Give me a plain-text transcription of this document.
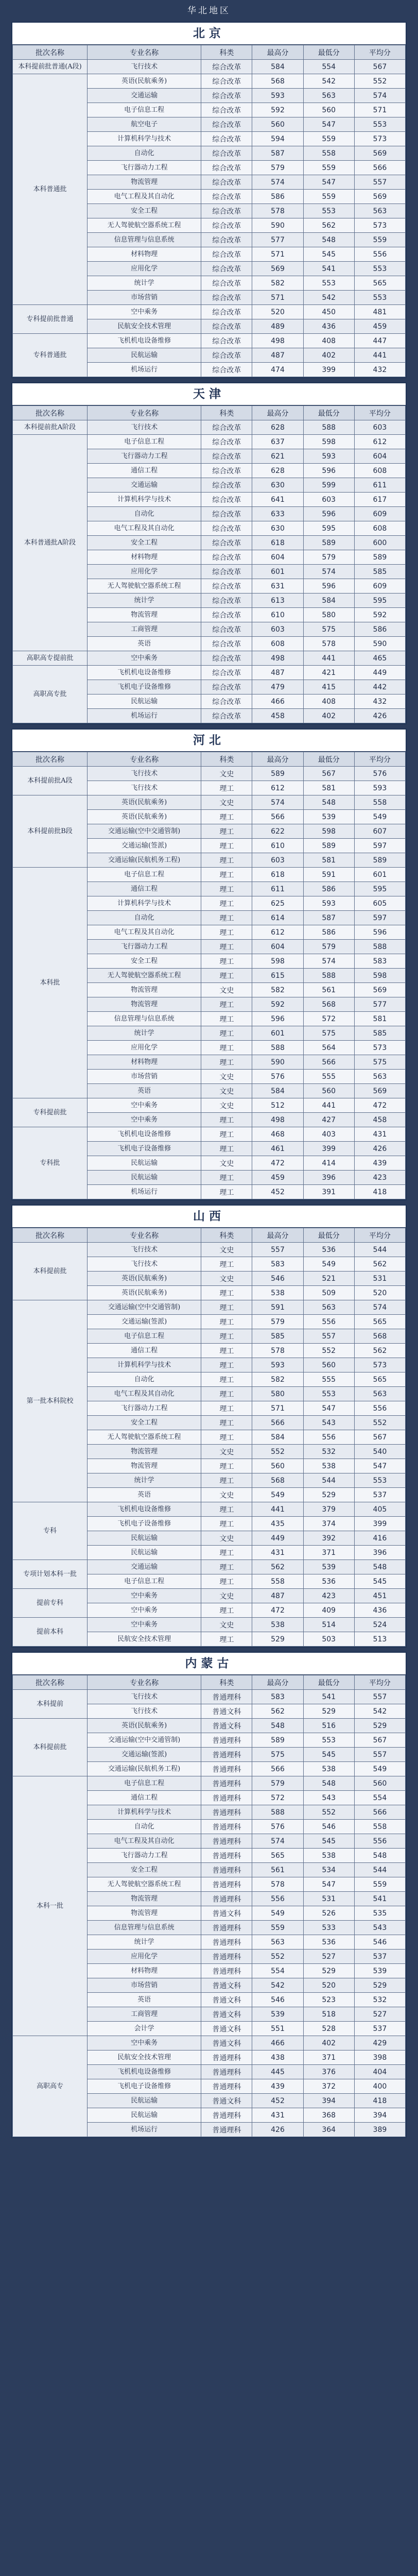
华北地区
北京
批次名称	专业名称	科类	最高分	最低分	平均分
本科提前批普通(A段)	飞行技术	综合改革	584	554	567
本科普通批	英语(民航乘务)	综合改革	568	542	552
	交通运输	综合改革	593	563	574
	电子信息工程	综合改革	592	560	571
	航空电子	综合改革	560	547	553
	计算机科学与技术	综合改革	594	559	573
	自动化	综合改革	587	558	569
	飞行器动力工程	综合改革	579	559	566
	物流管理	综合改革	574	547	557
	电气工程及其自动化	综合改革	586	559	569
	安全工程	综合改革	578	553	563
	无人驾驶航空器系统工程	综合改革	590	562	573
	信息管理与信息系统	综合改革	577	548	559
	材料物理	综合改革	571	545	556
	应用化学	综合改革	569	541	553
	统计学	综合改革	582	553	565
	市场营销	综合改革	571	542	553
专科提前批普通	空中乘务	综合改革	520	450	481
	民航安全技术管理	综合改革	489	436	459
专科普通批	飞机机电设备维修	综合改革	498	408	447
	民航运输	综合改革	487	402	441
	机场运行	综合改革	474	399	432
天津
批次名称	专业名称	科类	最高分	最低分	平均分
本科提前批A阶段	飞行技术	综合改革	628	588	603
本科普通批A阶段	电子信息工程	综合改革	637	598	612
	飞行器动力工程	综合改革	621	593	604
	通信工程	综合改革	628	596	608
	交通运输	综合改革	630	599	611
	计算机科学与技术	综合改革	641	603	617
	自动化	综合改革	633	596	609
	电气工程及其自动化	综合改革	630	595	608
	安全工程	综合改革	618	589	600
	材料物理	综合改革	604	579	589
	应用化学	综合改革	601	574	585
	无人驾驶航空器系统工程	综合改革	631	596	609
	统计学	综合改革	613	584	595
	物流管理	综合改革	610	580	592
	工商管理	综合改革	603	575	586
	英语	综合改革	608	578	590
高职高专提前批	空中乘务	综合改革	498	441	465
高职高专批	飞机机电设备维修	综合改革	487	421	449
	飞机电子设备维修	综合改革	479	415	442
	民航运输	综合改革	466	408	432
	机场运行	综合改革	458	402	426
河北
批次名称	专业名称	科类	最高分	最低分	平均分
本科提前批A段	飞行技术	文史	589	567	576
	飞行技术	理工	612	581	593
本科提前批B段	英语(民航乘务)	文史	574	548	558
	英语(民航乘务)	理工	566	539	549
	交通运输(空中交通管制)	理工	622	598	607
	交通运输(签派)	理工	610	589	597
	交通运输(民航机务工程)	理工	603	581	589
本科批	电子信息工程	理工	618	591	601
	通信工程	理工	611	586	595
	计算机科学与技术	理工	625	593	605
	自动化	理工	614	587	597
	电气工程及其自动化	理工	612	586	596
	飞行器动力工程	理工	604	579	588
	安全工程	理工	598	574	583
	无人驾驶航空器系统工程	理工	615	588	598
	物流管理	文史	582	561	569
	物流管理	理工	592	568	577
	信息管理与信息系统	理工	596	572	581
	统计学	理工	601	575	585
	应用化学	理工	588	564	573
	材料物理	理工	590	566	575
	市场营销	文史	576	555	563
	英语	文史	584	560	569
专科提前批	空中乘务	文史	512	441	472
	空中乘务	理工	498	427	458
专科批	飞机机电设备维修	理工	468	403	431
	飞机电子设备维修	理工	461	399	426
	民航运输	文史	472	414	439
	民航运输	理工	459	396	423
	机场运行	理工	452	391	418
山西
批次名称	专业名称	科类	最高分	最低分	平均分
本科提前批	飞行技术	文史	557	536	544
	飞行技术	理工	583	549	562
	英语(民航乘务)	文史	546	521	531
	英语(民航乘务)	理工	538	509	520
第一批本科院校	交通运输(空中交通管制)	理工	591	563	574
	交通运输(签派)	理工	579	556	565
	电子信息工程	理工	585	557	568
	通信工程	理工	578	552	562
	计算机科学与技术	理工	593	560	573
	自动化	理工	582	555	565
	电气工程及其自动化	理工	580	553	563
	飞行器动力工程	理工	571	547	556
	安全工程	理工	566	543	552
	无人驾驶航空器系统工程	理工	584	556	567
	物流管理	文史	552	532	540
	物流管理	理工	560	538	547
	统计学	理工	568	544	553
	英语	文史	549	529	537
专科	飞机机电设备维修	理工	441	379	405
	飞机电子设备维修	理工	435	374	399
	民航运输	文史	449	392	416
	民航运输	理工	431	371	396
专项计划本科一批	交通运输	理工	562	539	548
	电子信息工程	理工	558	536	545
提前专科	空中乘务	文史	487	423	451
	空中乘务	理工	472	409	436
提前本科	空中乘务	文史	538	514	524
	民航安全技术管理	理工	529	503	513
内蒙古
批次名称	专业名称	科类	最高分	最低分	平均分
本科提前	飞行技术	普通理科	583	541	557
	飞行技术	普通文科	562	529	542
本科提前批	英语(民航乘务)	普通文科	548	516	529
	交通运输(空中交通管制)	普通理科	589	553	567
	交通运输(签派)	普通理科	575	545	557
	交通运输(民航机务工程)	普通理科	566	538	549
本科一批	电子信息工程	普通理科	579	548	560
	通信工程	普通理科	572	543	554
	计算机科学与技术	普通理科	588	552	566
	自动化	普通理科	576	546	558
	电气工程及其自动化	普通理科	574	545	556
	飞行器动力工程	普通理科	565	538	548
	安全工程	普通理科	561	534	544
	无人驾驶航空器系统工程	普通理科	578	547	559
	物流管理	普通理科	556	531	541
	物流管理	普通文科	549	526	535
	信息管理与信息系统	普通理科	559	533	543
	统计学	普通理科	563	536	546
	应用化学	普通理科	552	527	537
	材料物理	普通理科	554	529	539
	市场营销	普通文科	542	520	529
	英语	普通文科	546	523	532
	工商管理	普通文科	539	518	527
	会计学	普通文科	551	528	537
高职高专	空中乘务	普通文科	466	402	429
	民航安全技术管理	普通理科	438	371	398
	飞机机电设备维修	普通理科	445	376	404
	飞机电子设备维修	普通理科	439	372	400
	民航运输	普通文科	452	394	418
	民航运输	普通理科	431	368	394
	机场运行	普通理科	426	364	389
